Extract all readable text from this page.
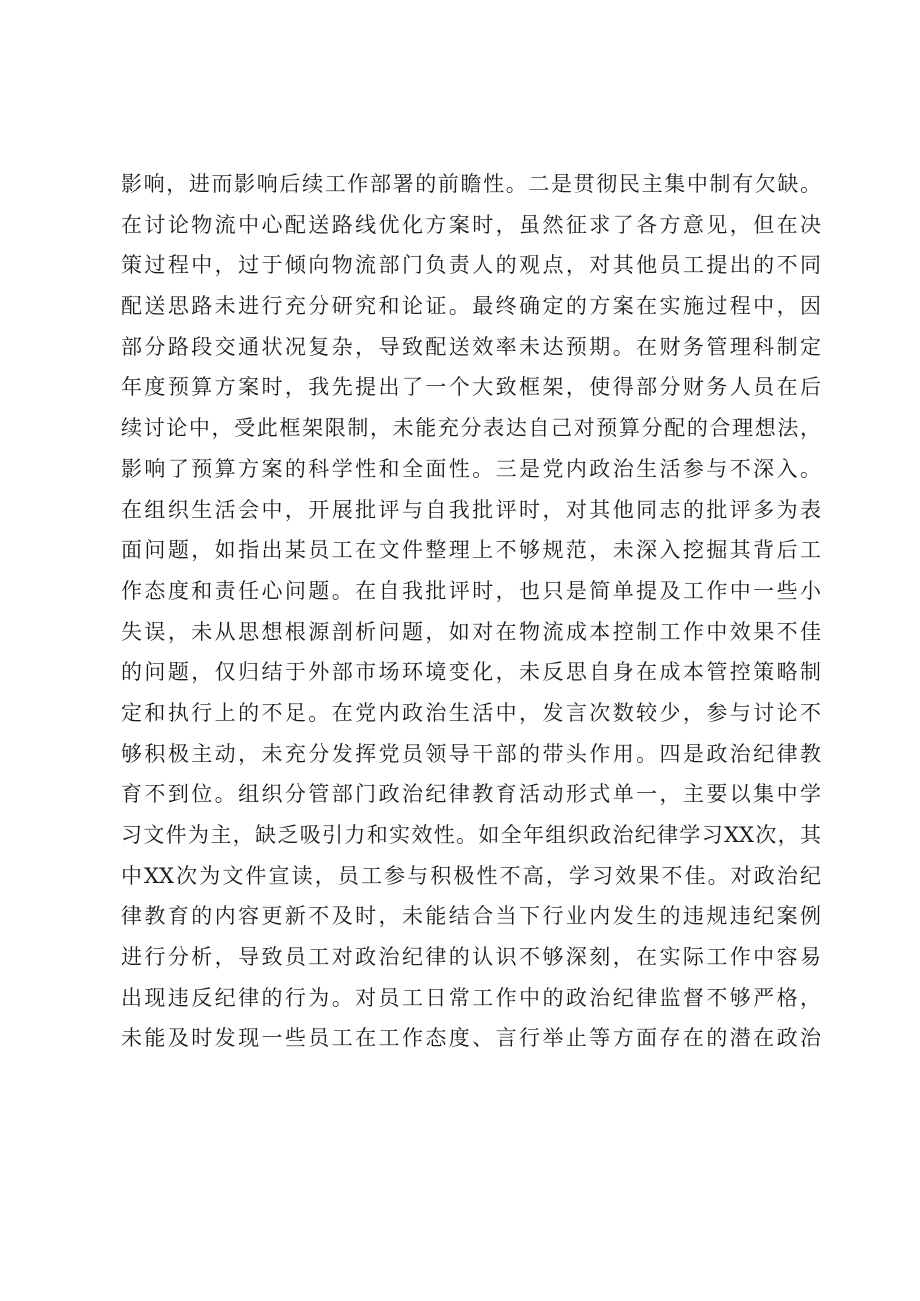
影响，进而影响后续工作部署的前瞻性。二是贯彻民主集中制有欠缺。
在讨论物流中心配送路线优化方案时，虽然征求了各方意见，但在决
策过程中，过于倾向物流部门负责人的观点，对其他员工提出的不同
配送思路未进行充分研究和论证。最终确定的方案在实施过程中，因
部分路段交通状况复杂，导致配送效率未达预期。在财务管理科制定
年度预算方案时，我先提出了一个大致框架，使得部分财务人员在后
续讨论中，受此框架限制，未能充分表达自己对预算分配的合理想法，
影响了预算方案的科学性和全面性。三是党内政治生活参与不深入。
在组织生活会中，开展批评与自我批评时，对其他同志的批评多为表
面问题，如指出某员工在文件整理上不够规范，未深入挖掘其背后工
作态度和责任心问题。在自我批评时，也只是简单提及工作中一些小
失误，未从思想根源剖析问题，如对在物流成本控制工作中效果不佳
的问题，仅归结于外部市场环境变化，未反思自身在成本管控策略制
定和执行上的不足。在党内政治生活中，发言次数较少，参与讨论不
够积极主动，未充分发挥党员领导干部的带头作用。四是政治纪律教
育不到位。组织分管部门政治纪律教育活动形式单一，主要以集中学
习文件为主，缺乏吸引力和实效性。如全年组织政治纪律学习XX次，其
中XX次为文件宣读，员工参与积极性不高，学习效果不佳。对政治纪
律教育的内容更新不及时，未能结合当下行业内发生的违规违纪案例
进行分析，导致员工对政治纪律的认识不够深刻，在实际工作中容易
出现违反纪律的行为。对员工日常工作中的政治纪律监督不够严格，
未能及时发现一些员工在工作态度、言行举止等方面存在的潜在政治
